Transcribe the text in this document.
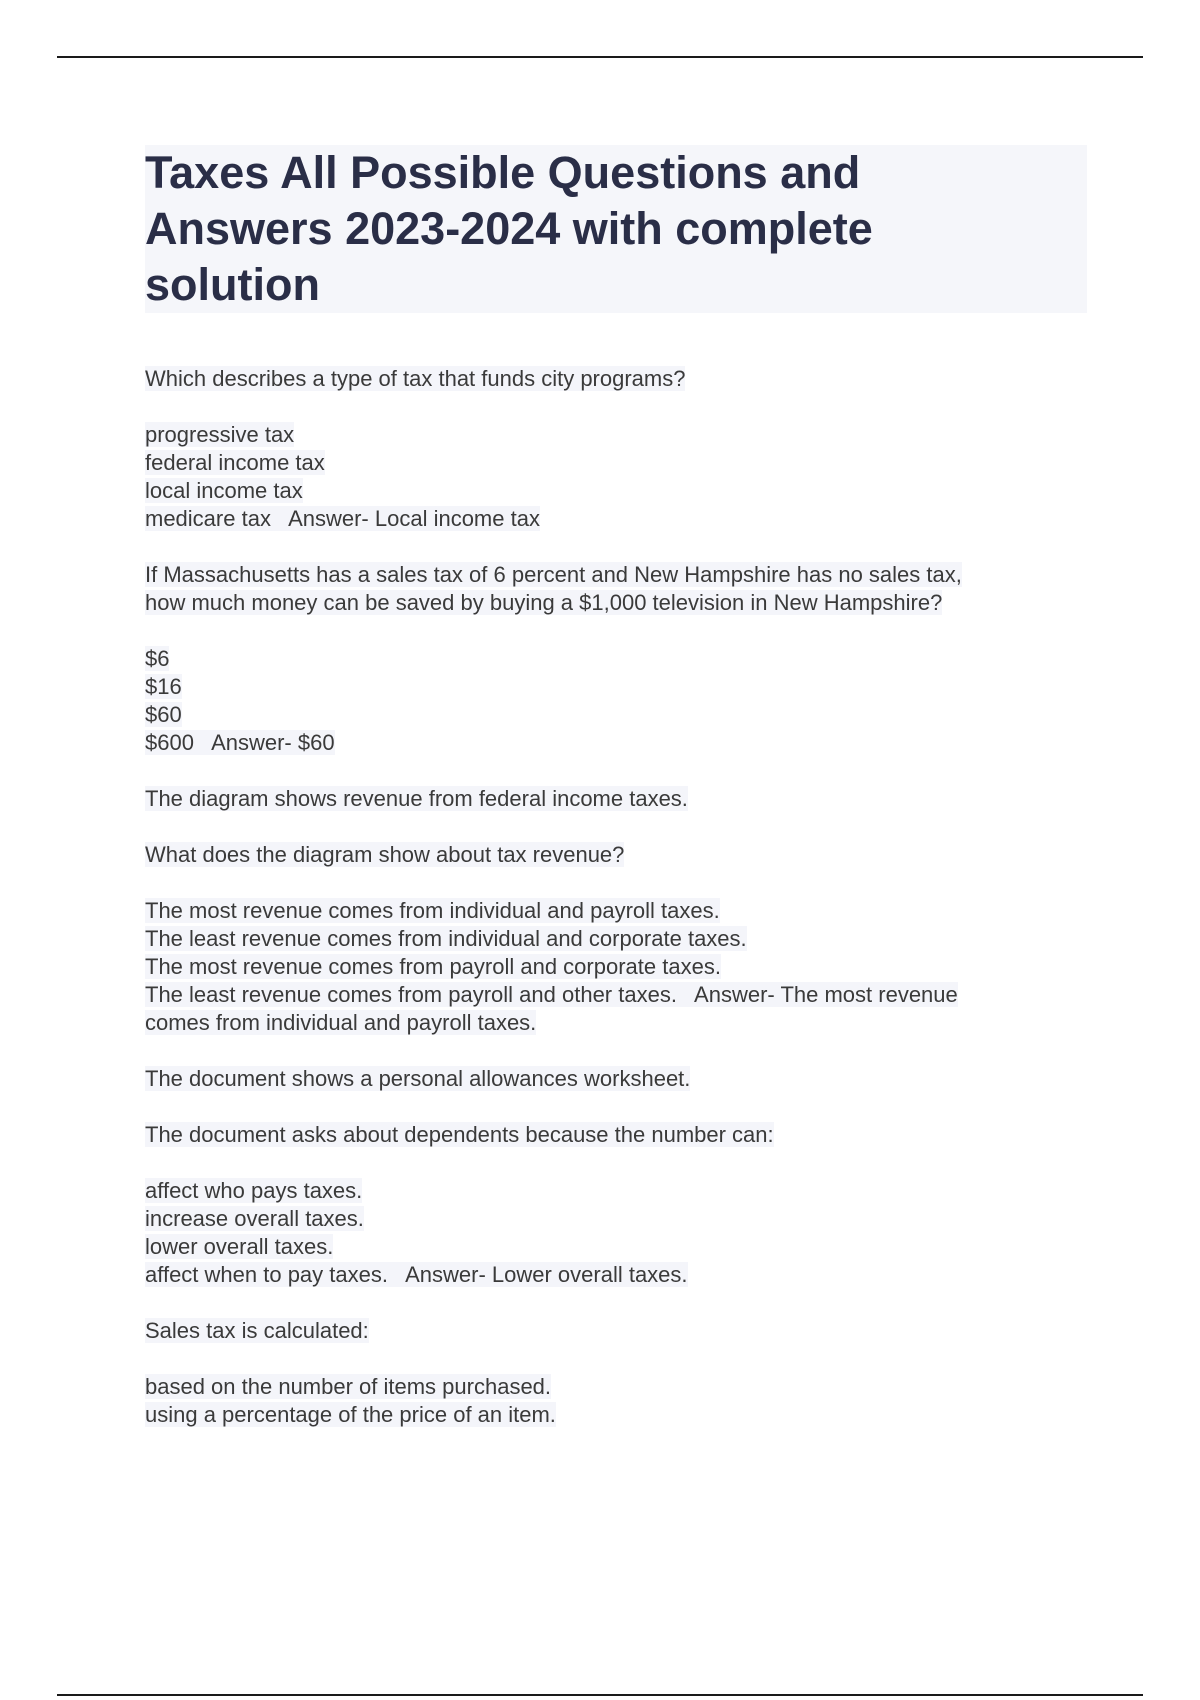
Taxes All Possible Questions and
Answers 2023-2024 with complete
solution

Which describes a type of tax that funds city programs?

progressive tax
federal income tax
local income tax
medicare tax   Answer- Local income tax

If Massachusetts has a sales tax of 6 percent and New Hampshire has no sales tax,
how much money can be saved by buying a $1,000 television in New Hampshire?

$6
$16
$60
$600   Answer- $60

The diagram shows revenue from federal income taxes.

What does the diagram show about tax revenue?

The most revenue comes from individual and payroll taxes.
The least revenue comes from individual and corporate taxes.
The most revenue comes from payroll and corporate taxes.
The least revenue comes from payroll and other taxes.   Answer- The most revenue
comes from individual and payroll taxes.

The document shows a personal allowances worksheet.

The document asks about dependents because the number can:

affect who pays taxes.
increase overall taxes.
lower overall taxes.
affect when to pay taxes.   Answer- Lower overall taxes.

Sales tax is calculated:

based on the number of items purchased.
using a percentage of the price of an item.
